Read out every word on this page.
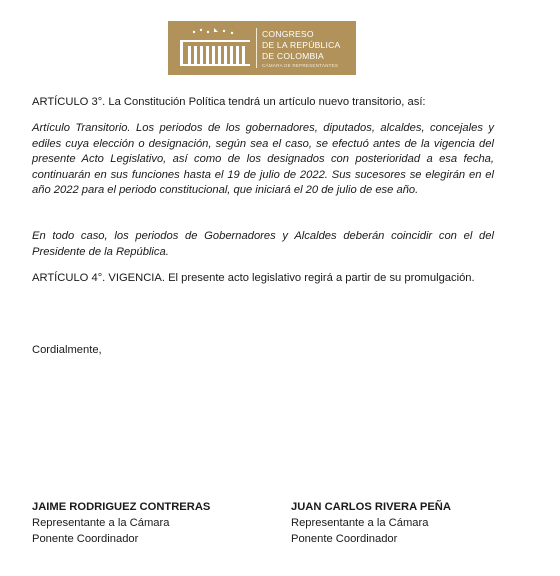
CONGRESO
DE LA REPÚBLICA
DE COLOMBIA
CÁMARA DE REPRESENTANTES

ARTÍCULO 3°. La Constitución Política tendrá un artículo nuevo transitorio, así:

Artículo Transitorio. Los periodos de los gobernadores, diputados, alcaldes, concejales y ediles cuya elección o designación, según sea el caso, se efectuó antes de la vigencia del presente Acto Legislativo, así como de los designados con posterioridad a esa fecha, continuarán en sus funciones hasta el 19 de julio de 2022. Sus sucesores se elegirán en el año 2022 para el periodo constitucional, que iniciará el 20 de julio de ese año.

En todo caso, los periodos de Gobernadores y Alcaldes deberán coincidir con el del Presidente de la República.

ARTÍCULO 4°. VIGENCIA. El presente acto legislativo regirá a partir de su promulgación.

Cordialmente,

JAIME RODRIGUEZ CONTRERAS
Representante a la Cámara
Ponente Coordinador
JUAN CARLOS RIVERA PEÑA
Representante a la Cámara
Ponente Coordinador
